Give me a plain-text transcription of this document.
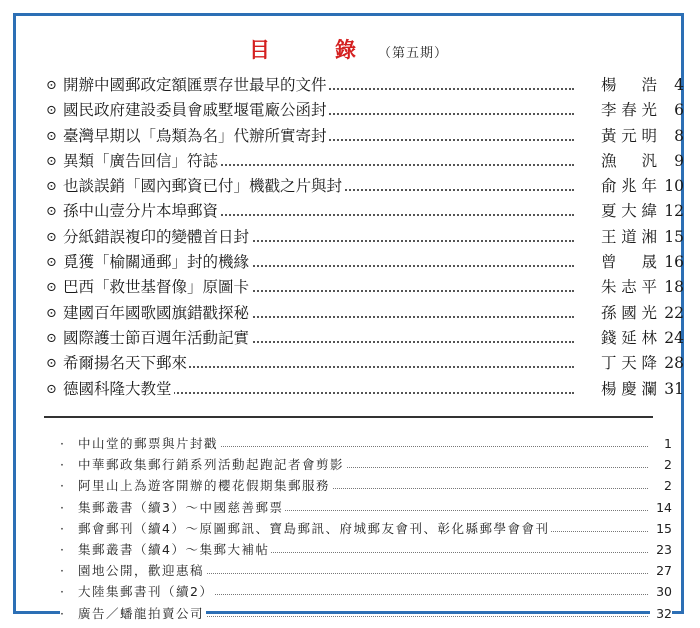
目　錄（第五期）
⊙ 開辦中國郵政定額匯票存世最早的文件	楊　浩	4
⊙ 國民政府建設委員會戚墅堰電廠公函封	李春光	6
⊙ 臺灣早期以「鳥類為名」代辦所實寄封	黃元明	8
⊙ 異類「廣告回信」符誌	漁　汎	9
⊙ 也談誤銷「國內郵資已付」機戳之片與封	俞兆年 10
⊙ 孫中山壹分片本埠郵資	夏大緯 12
⊙ 分紙錯誤複印的變體首日封	王道湘 15
⊙ 覓獲「榆關通郵」封的機緣	曾　晟 16
⊙ 巴西「救世基督像」原圖卡	朱志平 18
⊙ 建國百年國歌國旗錯戳探秘	孫國光 22
⊙ 國際護士節百週年活動記實	錢延林 24
⊙ 希爾揚名天下郵來	丁天降 28
⊙ 德國科隆大教堂	楊慶瀾 31
· 中山堂的郵票與片封戳	1
· 中華郵政集郵行銷系列活動起跑記者會剪影	2
· 阿里山上為遊客開辦的櫻花假期集郵服務	2
· 集郵叢書（續3）～中國慈善郵票	14
· 郵會郵刊（續4）～原圖郵訊、寶島郵訊、府城郵友會刊、彰化縣郵學會會刊	15
· 集郵叢書（續4）～集郵大補帖	23
· 園地公開，歡迎惠稿	27
· 大陸集郵書刊（續2）	30
· 廣告／蟠龍拍賣公司	32
